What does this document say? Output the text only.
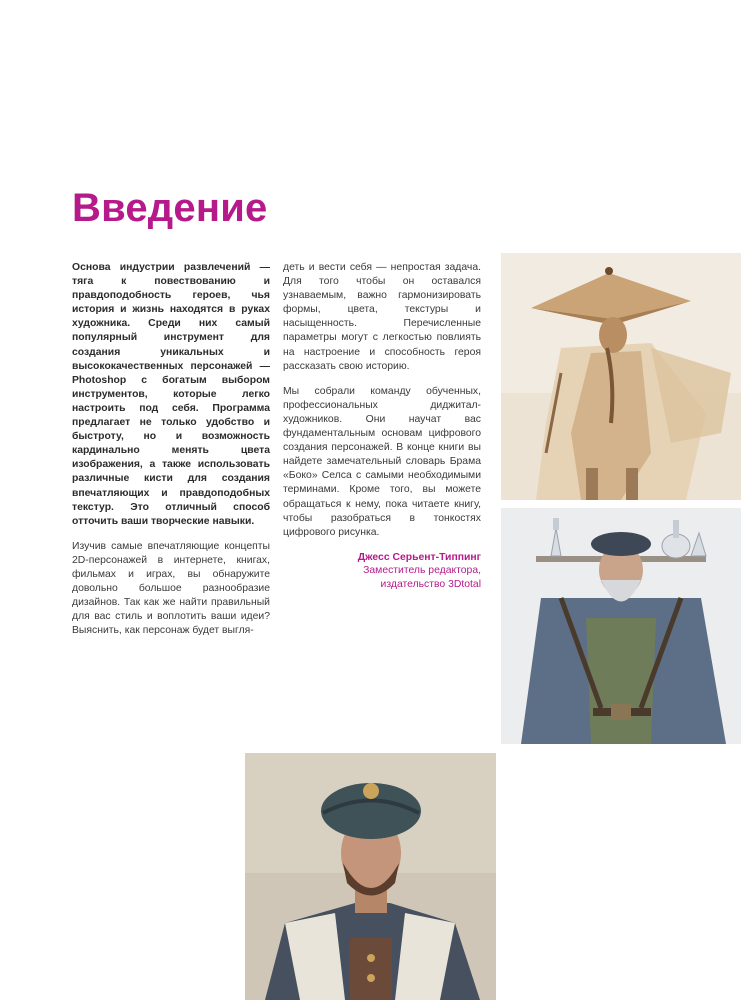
Введение

Основа индустрии развлечений — тяга к повествованию и правдоподобность героев, чья история и жизнь находятся в руках художника. Среди них самый популярный инструмент для создания уникальных и высококачественных персонажей — Photoshop с богатым выбором инструментов, которые легко настроить под себя. Программа предлагает не только удобство и быстроту, но и возможность кардинально менять цвета изображения, а также использовать различные кисти для создания впечатляющих и правдоподобных текстур. Это отличный способ отточить ваши творческие навыки.

Изучив самые впечатляющие концепты 2D-персонажей в интернете, книгах, фильмах и играх, вы обнаружите довольно большое разнообразие дизайнов. Так как же найти правильный для вас стиль и воплотить ваши идеи? Выяснить, как персонаж будет выгля-

деть и вести себя — непростая задача. Для того чтобы он оставался узнаваемым, важно гармонизировать формы, цвета, текстуры и насыщенность. Перечисленные параметры могут с легкостью повлиять на настроение и способность героя рассказать свою историю.

Мы собрали команду обученных, профессиональных диджитал-художников. Они научат вас фундаментальным основам цифрового создания персонажей. В конце книги вы найдете замечательный словарь Брама «Боко» Селса с самыми необходимыми терминами. Кроме того, вы можете обращаться к нему, пока читаете книгу, чтобы разобраться в тонкостях цифрового рисунка.

Джесс Серьент-Типпинг
Заместитель редактора,
издательство 3Dtotal
